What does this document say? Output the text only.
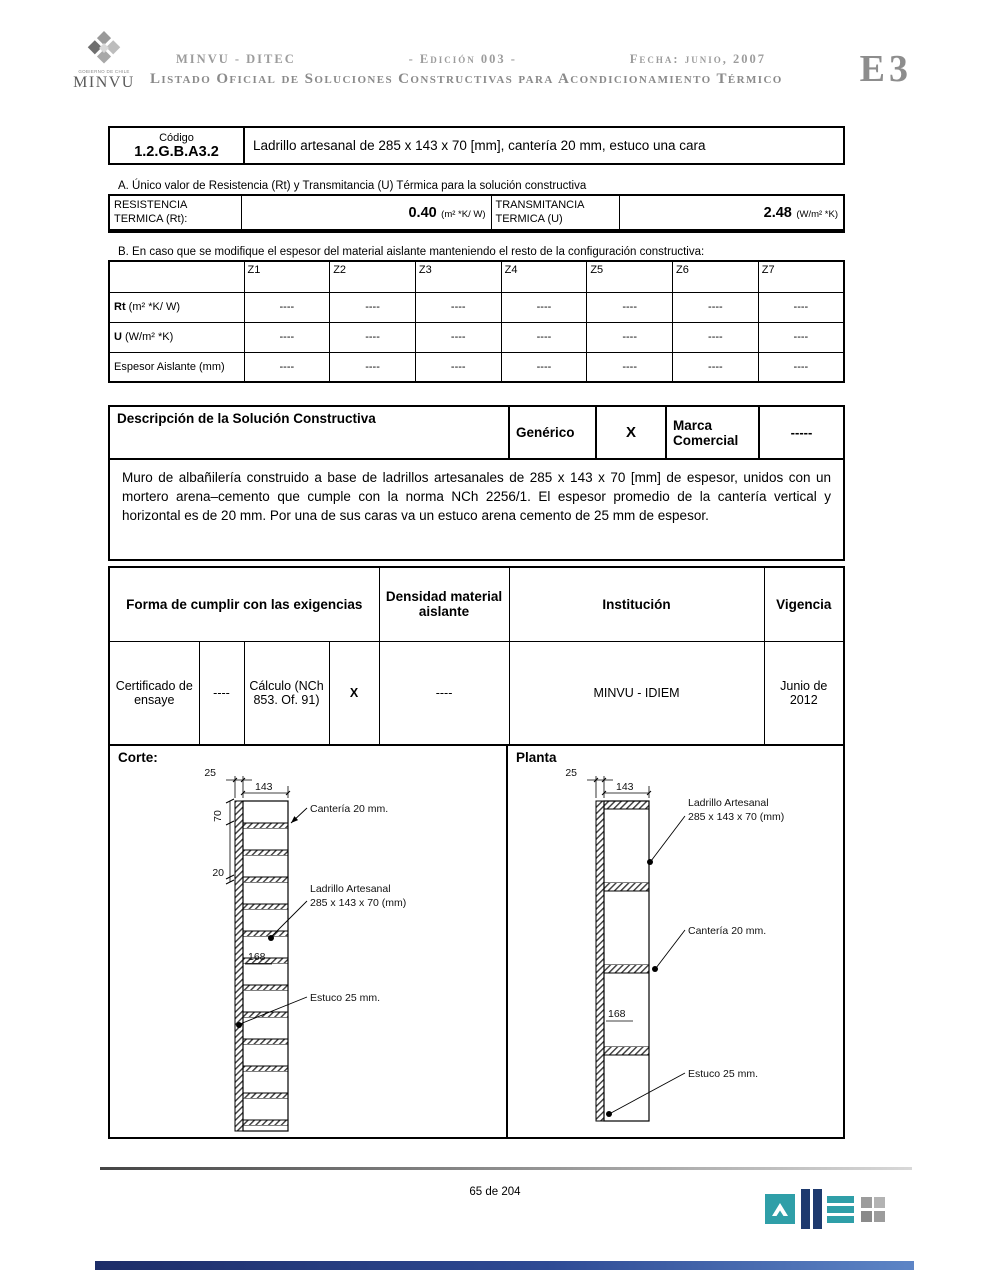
GOBIERNO DE CHILE
MINVU
MINVU - DITEC	- Edición 003 -	Fecha: junio, 2007
Listado Oficial de Soluciones Constructivas para Acondicionamiento Térmico	E3
Código
1.2.G.B.A3.2	Ladrillo artesanal de 285 x 143 x 70 [mm], cantería 20 mm, estuco una cara
A. Único valor de Resistencia (Rt) y Transmitancia (U) Térmica para la solución constructiva
RESISTENCIA TERMICA (Rt):	0.40 (m² *K/ W)	TRANSMITANCIA TERMICA (U)	2.48 (W/m² *K)
B. En caso que se modifique el espesor del material aislante manteniendo el resto de la configuración constructiva:
	Z1	Z2	Z3	Z4	Z5	Z6	Z7
Rt (m² *K/ W)	----	----	----	----	----	----	----
U (W/m² *K)	----	----	----	----	----	----	----
Espesor Aislante (mm)	----	----	----	----	----	----	----
Descripción de la Solución Constructiva	Genérico	X	Marca Comercial	-----
Muro de albañilería construido a base de ladrillos artesanales de 285 x 143 x 70 [mm] de espesor, unidos con un mortero arena–cemento que cumple con la norma NCh 2256/1. El espesor promedio de la cantería vertical y horizontal es de 20 mm. Por una de sus caras va un estuco arena cemento de 25 mm de espesor.
Forma de cumplir con las exigencias				Densidad material aislante	Institución	Vigencia
Certificado de ensaye	----	Cálculo (NCh 853. Of. 91)	X	----	MINVU - IDIEM	Junio de 2012
Corte:
25
143
70
20
168
Cantería 20 mm.
Ladrillo Artesanal
285 x 143 x 70 (mm)
Estuco 25 mm.
Planta
25
143
168
Ladrillo Artesanal
285 x 143 x 70 (mm)
Cantería 20 mm.
Estuco 25 mm.
65 de 204
